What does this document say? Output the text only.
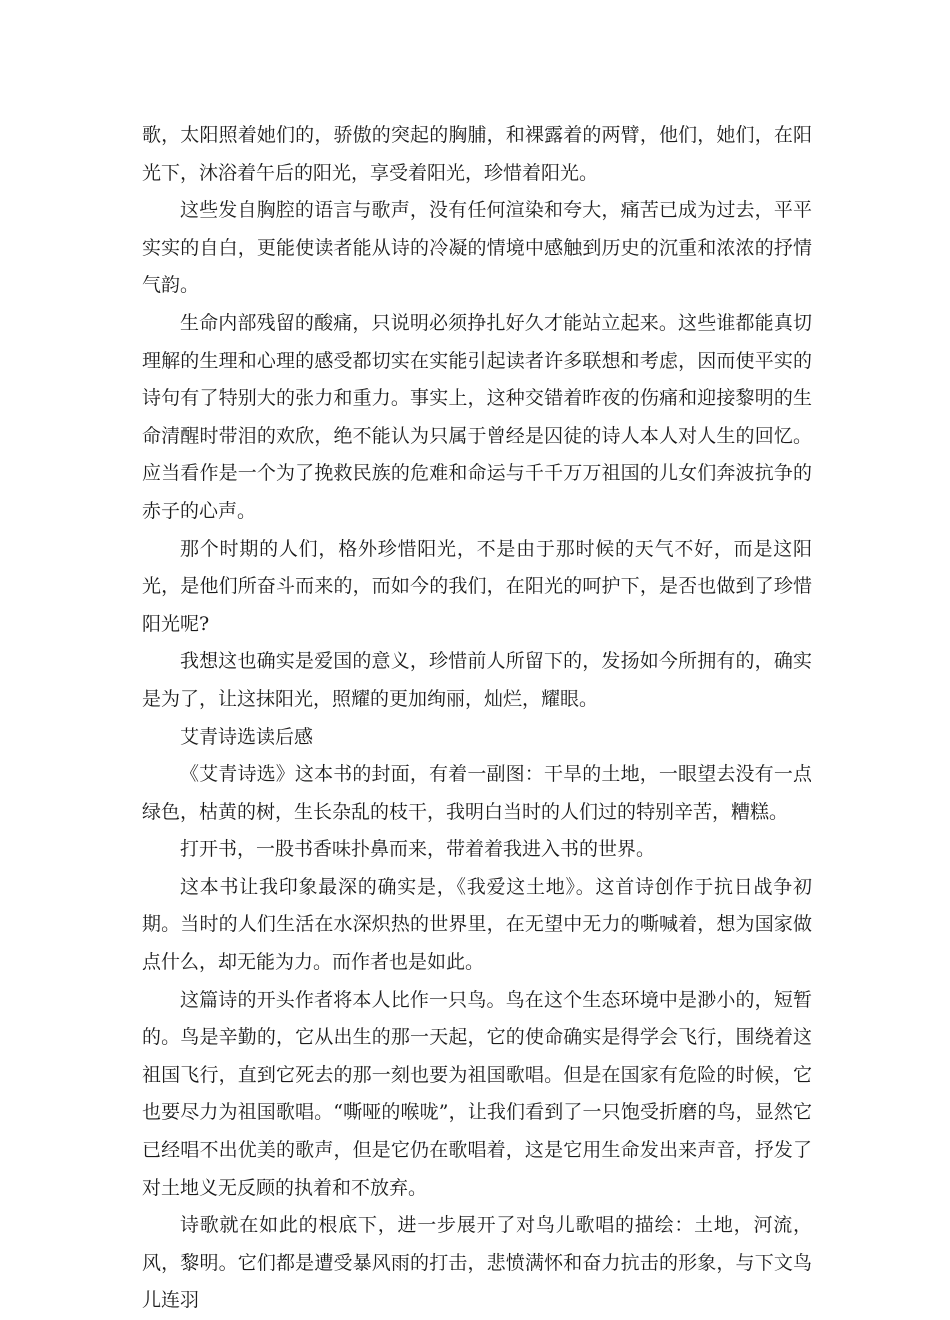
歌，太阳照着她们的，骄傲的突起的胸脯，和裸露着的两臂，他们，她们，在阳光下，沐浴着午后的阳光，享受着阳光，珍惜着阳光。

这些发自胸腔的语言与歌声，没有任何渲染和夸大，痛苦已成为过去，平平实实的自白，更能使读者能从诗的冷凝的情境中感触到历史的沉重和浓浓的抒情气韵。

生命内部残留的酸痛，只说明必须挣扎好久才能站立起来。这些谁都能真切理解的生理和心理的感受都切实在实能引起读者许多联想和考虑，因而使平实的诗句有了特别大的张力和重力。事实上，这种交错着昨夜的伤痛和迎接黎明的生命清醒时带泪的欢欣，绝不能认为只属于曾经是囚徒的诗人本人对人生的回忆。应当看作是一个为了挽救民族的危难和命运与千千万万祖国的儿女们奔波抗争的赤子的心声。

那个时期的人们，格外珍惜阳光，不是由于那时候的天气不好，而是这阳光，是他们所奋斗而来的，而如今的我们，在阳光的呵护下，是否也做到了珍惜阳光呢?

我想这也确实是爱国的意义，珍惜前人所留下的，发扬如今所拥有的，确实是为了，让这抹阳光，照耀的更加绚丽，灿烂，耀眼。

艾青诗选读后感

《艾青诗选》这本书的封面，有着一副图：干旱的土地，一眼望去没有一点绿色，枯黄的树，生长杂乱的枝干，我明白当时的人们过的特别辛苦，糟糕。

打开书，一股书香味扑鼻而来，带着着我进入书的世界。

这本书让我印象最深的确实是，《我爱这土地》。这首诗创作于抗日战争初期。当时的人们生活在水深炽热的世界里，在无望中无力的嘶喊着，想为国家做点什么，却无能为力。而作者也是如此。

这篇诗的开头作者将本人比作一只鸟。鸟在这个生态环境中是渺小的，短暂的。鸟是辛勤的，它从出生的那一天起，它的使命确实是得学会飞行，围绕着这祖国飞行，直到它死去的那一刻也要为祖国歌唱。但是在国家有危险的时候，它也要尽力为祖国歌唱。“嘶哑的喉咙”，让我们看到了一只饱受折磨的鸟，显然它已经唱不出优美的歌声，但是它仍在歌唱着，这是它用生命发出来声音，抒发了对土地义无反顾的执着和不放弃。

诗歌就在如此的根底下，进一步展开了对鸟儿歌唱的描绘：土地，河流，风，黎明。它们都是遭受暴风雨的打击，悲愤满怀和奋力抗击的形象，与下文鸟儿连羽
